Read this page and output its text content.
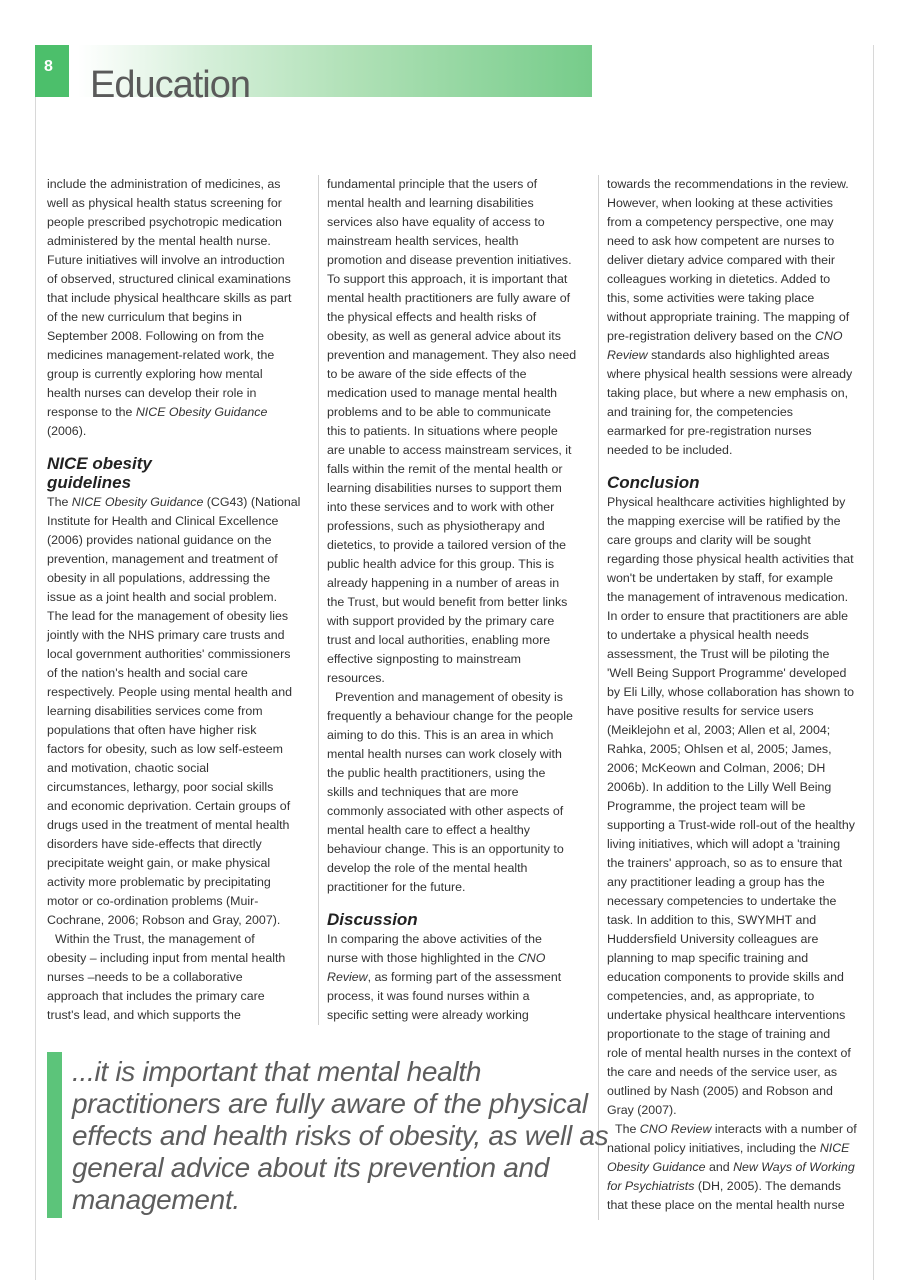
8 Education
include the administration of medicines, as
well as physical health status screening for
people prescribed psychotropic medication
administered by the mental health nurse.
Future initiatives will involve an introduction
of observed, structured clinical examinations
that include physical healthcare skills as part
of the new curriculum that begins in
September 2008. Following on from the
medicines management-related work, the
group is currently exploring how mental
health nurses can develop their role in
response to the NICE Obesity Guidance
(2006).
NICE obesity
guidelines
The NICE Obesity Guidance (CG43) (National
Institute for Health and Clinical Excellence
(2006) provides national guidance on the
prevention, management and treatment of
obesity in all populations, addressing the
issue as a joint health and social problem.
The lead for the management of obesity lies
jointly with the NHS primary care trusts and
local government authorities' commissioners
of the nation's health and social care
respectively. People using mental health and
learning disabilities services come from
populations that often have higher risk
factors for obesity, such as low self-esteem
and motivation, chaotic social
circumstances, lethargy, poor social skills
and economic deprivation. Certain groups of
drugs used in the treatment of mental health
disorders have side-effects that directly
precipitate weight gain, or make physical
activity more problematic by precipitating
motor or co-ordination problems (Muir-
Cochrane, 2006; Robson and Gray, 2007).
Within the Trust, the management of
obesity – including input from mental health
nurses –needs to be a collaborative
approach that includes the primary care
trust's lead, and which supports the
fundamental principle that the users of
mental health and learning disabilities
services also have equality of access to
mainstream health services, health
promotion and disease prevention initiatives.
To support this approach, it is important that
mental health practitioners are fully aware of
the physical effects and health risks of
obesity, as well as general advice about its
prevention and management. They also need
to be aware of the side effects of the
medication used to manage mental health
problems and to be able to communicate
this to patients. In situations where people
are unable to access mainstream services, it
falls within the remit of the mental health or
learning disabilities nurses to support them
into these services and to work with other
professions, such as physiotherapy and
dietetics, to provide a tailored version of the
public health advice for this group. This is
already happening in a number of areas in
the Trust, but would benefit from better links
with support provided by the primary care
trust and local authorities, enabling more
effective signposting to mainstream
resources.
Prevention and management of obesity is
frequently a behaviour change for the people
aiming to do this. This is an area in which
mental health nurses can work closely with
the public health practitioners, using the
skills and techniques that are more
commonly associated with other aspects of
mental health care to effect a healthy
behaviour change. This is an opportunity to
develop the role of the mental health
practitioner for the future.
Discussion
In comparing the above activities of the
nurse with those highlighted in the CNO
Review, as forming part of the assessment
process, it was found nurses within a
specific setting were already working
towards the recommendations in the review.
However, when looking at these activities
from a competency perspective, one may
need to ask how competent are nurses to
deliver dietary advice compared with their
colleagues working in dietetics. Added to
this, some activities were taking place
without appropriate training. The mapping of
pre-registration delivery based on the CNO
Review standards also highlighted areas
where physical health sessions were already
taking place, but where a new emphasis on,
and training for, the competencies
earmarked for pre-registration nurses
needed to be included.
Conclusion
Physical healthcare activities highlighted by
the mapping exercise will be ratified by the
care groups and clarity will be sought
regarding those physical health activities that
won't be undertaken by staff, for example
the management of intravenous medication.
In order to ensure that practitioners are able
to undertake a physical health needs
assessment, the Trust will be piloting the
'Well Being Support Programme' developed
by Eli Lilly, whose collaboration has shown to
have positive results for service users
(Meiklejohn et al, 2003; Allen et al, 2004;
Rahka, 2005; Ohlsen et al, 2005; James,
2006; McKeown and Colman, 2006; DH
2006b). In addition to the Lilly Well Being
Programme, the project team will be
supporting a Trust-wide roll-out of the healthy
living initiatives, which will adopt a 'training
the trainers' approach, so as to ensure that
any practitioner leading a group has the
necessary competencies to undertake the
task. In addition to this, SWYMHT and
Huddersfield University colleagues are
planning to map specific training and
education components to provide skills and
competencies, and, as appropriate, to
undertake physical healthcare interventions
proportionate to the stage of training and
role of mental health nurses in the context of
the care and needs of the service user, as
outlined by Nash (2005) and Robson and
Gray (2007).
The CNO Review interacts with a number of
national policy initiatives, including the NICE
Obesity Guidance and New Ways of Working
for Psychiatrists (DH, 2005). The demands
that these place on the mental health nurse
...it is important that mental health
practitioners are fully aware of the physical
effects and health risks of obesity, as well as
general advice about its prevention and
management.
